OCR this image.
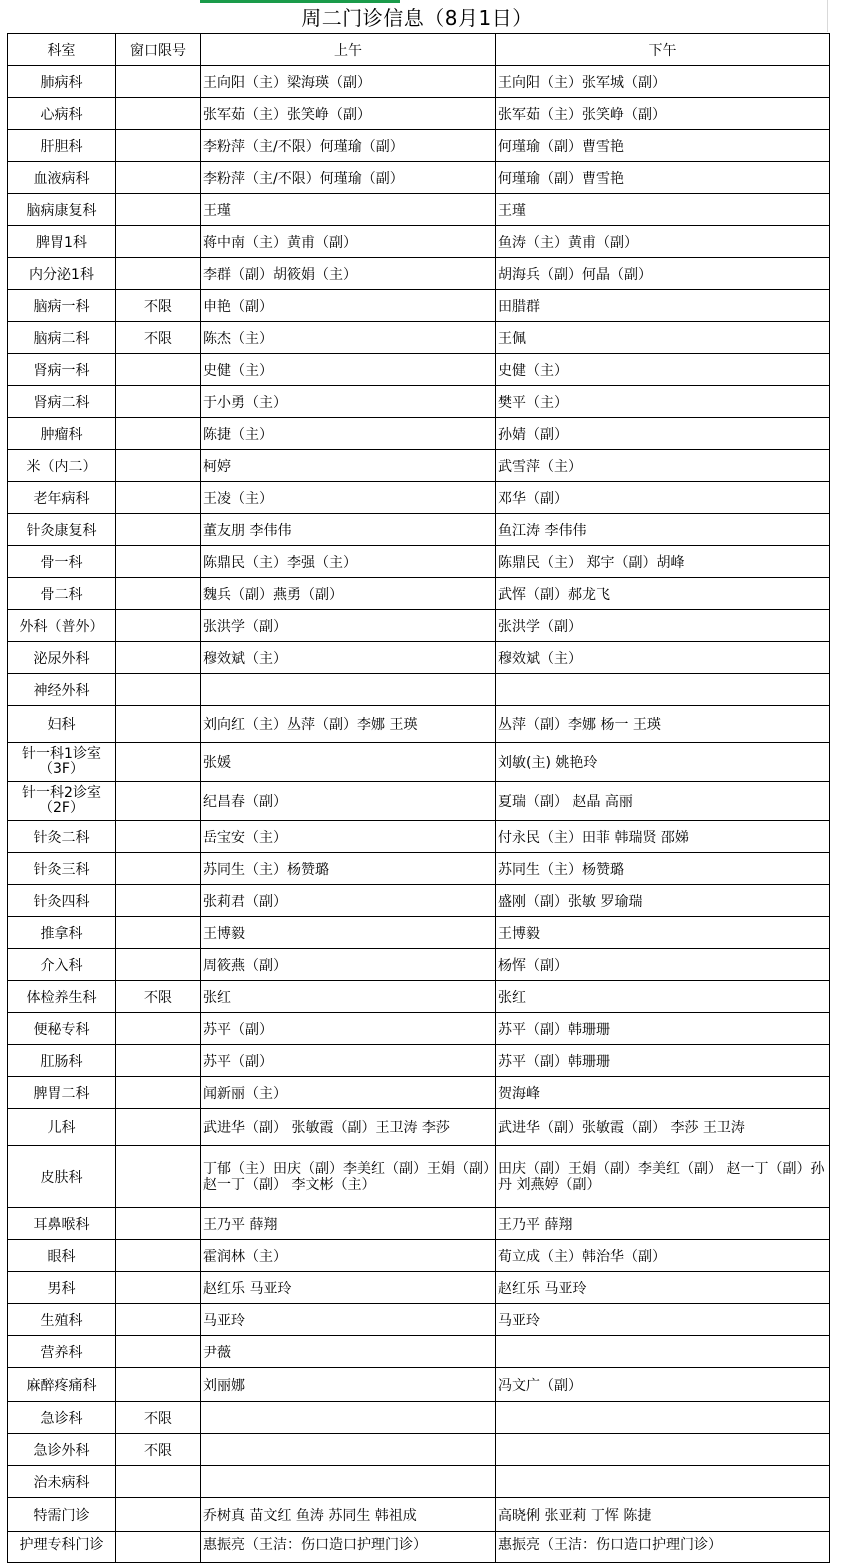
周二门诊信息（8月1日）
科室	窗口限号	上午	下午
肺病科		王向阳（主）梁海瑛（副）	王向阳（主）张军城（副）
心病科		张军茹（主）张笑峥（副）	张军茹（主）张笑峥（副）
肝胆科		李粉萍（主/不限）何瑾瑜（副）	何瑾瑜（副）曹雪艳
血液病科		李粉萍（主/不限）何瑾瑜（副）	何瑾瑜（副）曹雪艳
脑病康复科		王瑾	王瑾
脾胃1科		蒋中南（主）黄甫（副）	鱼涛（主）黄甫（副）
内分泌1科		李群（副）胡筱娟（主）	胡海兵（副）何晶（副）
脑病一科	不限	申艳（副）	田腊群
脑病二科	不限	陈杰（主）	王佩
肾病一科		史健（主）	史健（主）
肾病二科		于小勇（主）	樊平（主）
肿瘤科		陈捷（主）	孙婧（副）
米（内二）		柯婷	武雪萍（主）
老年病科		王凌（主）	邓华（副）
针灸康复科		董友朋 李伟伟	鱼江涛 李伟伟
骨一科		陈鼎民（主）李强（主）	陈鼎民（主） 郑宇（副）胡峰
骨二科		魏兵（副）燕勇（副）	武恽（副）郝龙飞
外科（普外）		张洪学（副）	张洪学（副）
泌尿外科		穆效斌（主）	穆效斌（主）
神经外科			
妇科		刘向红（主）丛萍（副）李娜 王瑛	丛萍（副）李娜 杨一 王瑛
针一科1诊室（3F）		张媛	刘敏(主) 姚艳玲
针一科2诊室（2F）		纪昌春（副）	夏瑞（副） 赵晶 高丽
针灸二科		岳宝安（主）	付永民（主）田菲 韩瑞贤 邵娣
针灸三科		苏同生（主）杨赞璐	苏同生（主）杨赞璐
针灸四科		张莉君（副）	盛刚（副）张敏 罗瑜瑞
推拿科		王博毅	王博毅
介入科		周筱燕（副）	杨恽（副）
体检养生科	不限	张红	张红
便秘专科		苏平（副）	苏平（副）韩珊珊
肛肠科		苏平（副）	苏平（副）韩珊珊
脾胃二科		闻新丽（主）	贺海峰
儿科		武进华（副） 张敏霞（副）王卫涛 李莎	武进华（副）张敏霞（副） 李莎 王卫涛
皮肤科		丁郁（主）田庆（副）李美红（副）王娟（副）赵一丁（副） 李文彬（主）	田庆（副）王娟（副）李美红（副） 赵一丁（副）孙丹 刘燕婷（副）
耳鼻喉科		王乃平 薛翔	王乃平 薛翔
眼科		霍润林（主）	荀立成（主）韩治华（副）
男科		赵红乐 马亚玲	赵红乐 马亚玲
生殖科		马亚玲	马亚玲
营养科		尹薇	
麻醉疼痛科		刘丽娜	冯文广（副）
急诊科	不限		
急诊外科	不限		
治未病科			
特需门诊		乔树真 苗文红 鱼涛 苏同生 韩祖成	高晓俐 张亚莉 丁恽 陈捷
护理专科门诊		惠振亮（王洁：伤口造口护理门诊）	惠振亮（王洁：伤口造口护理门诊）
